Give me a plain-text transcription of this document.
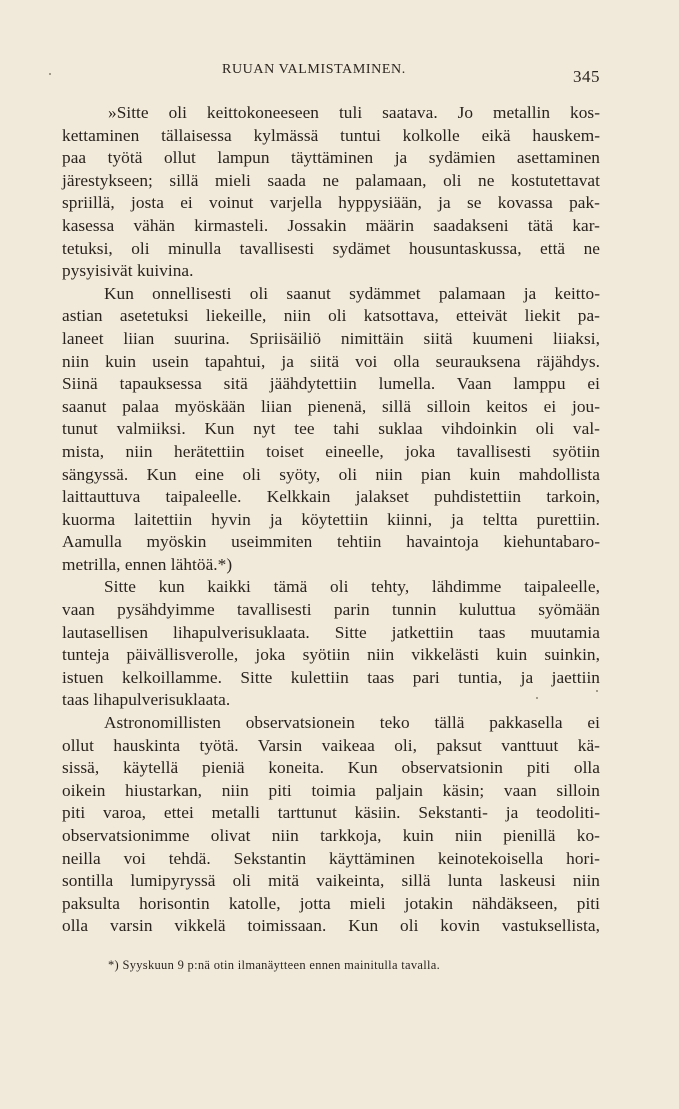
RUUAN VALMISTAMINEN.	345
»Sitte oli keittokoneeseen tuli saatava. Jo metallin kos-
kettaminen tällaisessa kylmässä tuntui kolkolle eikä hauskem-
paa työtä ollut lampun täyttäminen ja sydämien asettaminen
järestykseen; sillä mieli saada ne palamaan, oli ne kostutettavat
spriillä, josta ei voinut varjella hyppysiään, ja se kovassa pak-
kasessa vähän kirmasteli. Jossakin määrin saadakseni tätä kar-
tetuksi, oli minulla tavallisesti sydämet housuntaskussa, että ne
pysyisivät kuivina.
Kun onnellisesti oli saanut sydämmet palamaan ja keitto-
astian asetetuksi liekeille, niin oli katsottava, etteivät liekit pa-
laneet liian suurina. Spriisäiliö nimittäin siitä kuumeni liiaksi,
niin kuin usein tapahtui, ja siitä voi olla seurauksena räjähdys.
Siinä tapauksessa sitä jäähdytettiin lumella. Vaan lamppu ei
saanut palaa myöskään liian pienenä, sillä silloin keitos ei jou-
tunut valmiiksi. Kun nyt tee tahi suklaa vihdoinkin oli val-
mista, niin herätettiin toiset eineelle, joka tavallisesti syötiin
sängyssä. Kun eine oli syöty, oli niin pian kuin mahdollista
laittauttuva taipaleelle. Kelkkain jalakset puhdistettiin tarkoin,
kuorma laitettiin hyvin ja köytettiin kiinni, ja teltta purettiin.
Aamulla myöskin useimmiten tehtiin havaintoja kiehuntabaro-
metrilla, ennen lähtöä.*)
Sitte kun kaikki tämä oli tehty, lähdimme taipaleelle,
vaan pysähdyimme tavallisesti parin tunnin kuluttua syömään
lautasellisen lihapulverisuklaata. Sitte jatkettiin taas muutamia
tunteja päivällisverolle, joka syötiin niin vikkelästi kuin suinkin,
istuen kelkoillamme. Sitte kulettiin taas pari tuntia, ja jaettiin
taas lihapulverisuklaata.
Astronomillisten observatsionein teko tällä pakkasella ei
ollut hauskinta työtä. Varsin vaikeaa oli, paksut vanttuut kä-
sissä, käytellä pieniä koneita. Kun observatsionin piti olla
oikein hiustarkan, niin piti toimia paljain käsin; vaan silloin
piti varoa, ettei metalli tarttunut käsiin. Sekstanti- ja teodoliti-
observatsionimme olivat niin tarkkoja, kuin niin pienillä ko-
neilla voi tehdä. Sekstantin käyttäminen keinotekoisella hori-
sontilla lumipyryssä oli mitä vaikeinta, sillä lunta laskeusi niin
paksulta horisontin katolle, jotta mieli jotakin nähdäkseen, piti
olla varsin vikkelä toimissaan. Kun oli kovin vastuksellista,
*) Syyskuun 9 p:nä otin ilmanäytteen ennen mainitulla tavalla.
